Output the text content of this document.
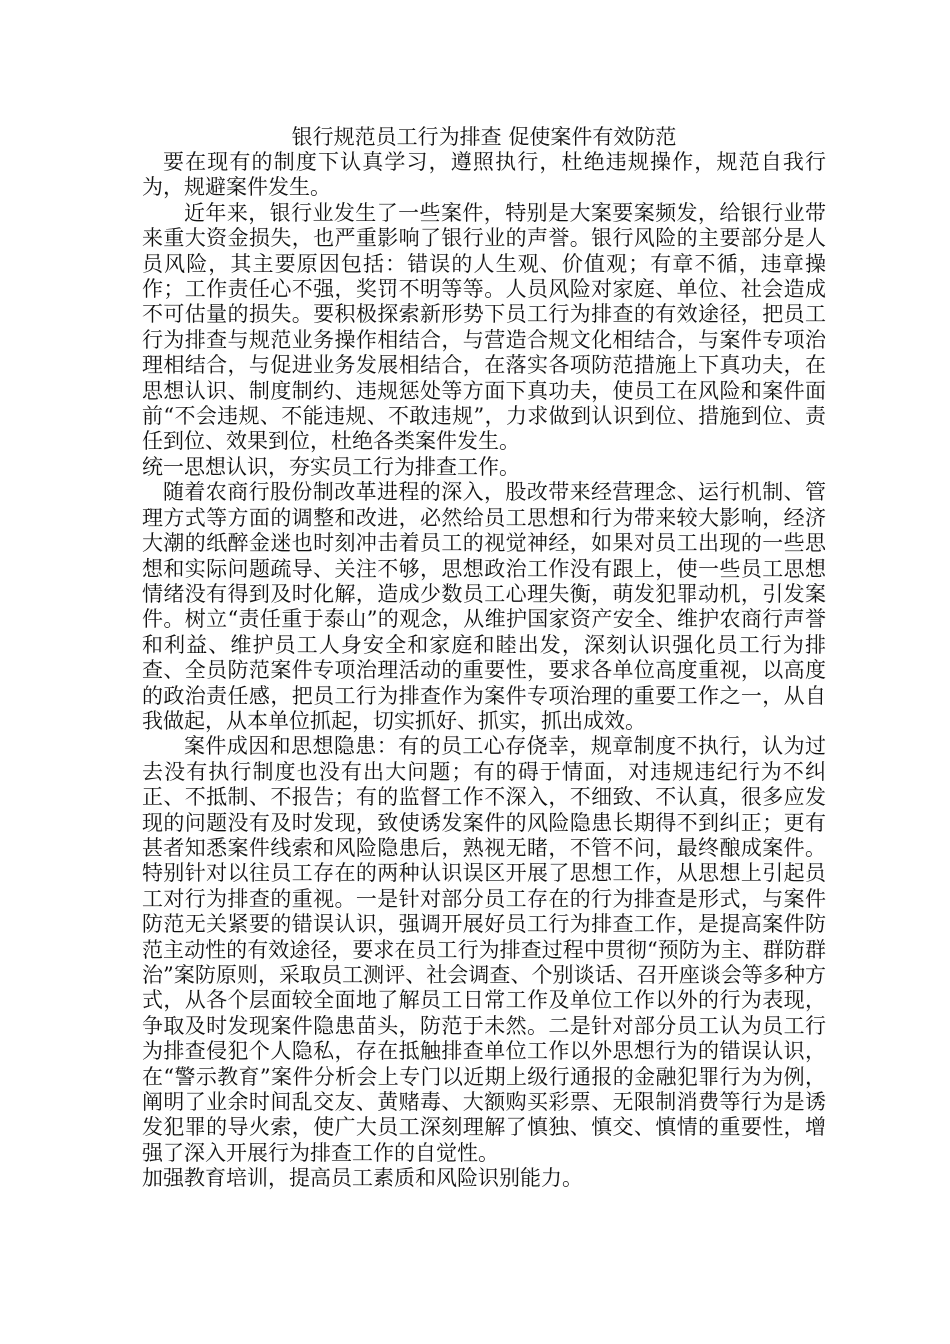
银行规范员工行为排查 促使案件有效防范

要在现有的制度下认真学习，遵照执行，杜绝违规操作，规范自我行为，规避案件发生。

近年来，银行业发生了一些案件，特别是大案要案频发，给银行业带来重大资金损失，也严重影响了银行业的声誉。银行风险的主要部分是人员风险，其主要原因包括：错误的人生观、价值观；有章不循，违章操作；工作责任心不强，奖罚不明等等。人员风险对家庭、单位、社会造成不可估量的损失。要积极探索新形势下员工行为排查的有效途径，把员工行为排查与规范业务操作相结合，与营造合规文化相结合，与案件专项治理相结合，与促进业务发展相结合，在落实各项防范措施上下真功夫，在思想认识、制度制约、违规惩处等方面下真功夫，使员工在风险和案件面前“不会违规、不能违规、不敢违规”，力求做到认识到位、措施到位、责任到位、效果到位，杜绝各类案件发生。

统一思想认识，夯实员工行为排查工作。

随着农商行股份制改革进程的深入，股改带来经营理念、运行机制、管理方式等方面的调整和改进，必然给员工思想和行为带来较大影响，经济大潮的纸醉金迷也时刻冲击着员工的视觉神经，如果对员工出现的一些思想和实际问题疏导、关注不够，思想政治工作没有跟上，使一些员工思想情绪没有得到及时化解，造成少数员工心理失衡，萌发犯罪动机，引发案件。树立“责任重于泰山”的观念，从维护国家资产安全、维护农商行声誉和利益、维护员工人身安全和家庭和睦出发，深刻认识强化员工行为排查、全员防范案件专项治理活动的重要性，要求各单位高度重视，以高度的政治责任感，把员工行为排查作为案件专项治理的重要工作之一，从自我做起，从本单位抓起，切实抓好、抓实，抓出成效。

案件成因和思想隐患：有的员工心存侥幸，规章制度不执行，认为过去没有执行制度也没有出大问题；有的碍于情面，对违规违纪行为不纠正、不抵制、不报告；有的监督工作不深入，不细致、不认真，很多应发现的问题没有及时发现，致使诱发案件的风险隐患长期得不到纠正；更有甚者知悉案件线索和风险隐患后，熟视无睹，不管不问，最终酿成案件。特别针对以往员工存在的两种认识误区开展了思想工作，从思想上引起员工对行为排查的重视。一是针对部分员工存在的行为排查是形式，与案件防范无关紧要的错误认识，强调开展好员工行为排查工作，是提高案件防范主动性的有效途径，要求在员工行为排查过程中贯彻“预防为主、群防群治”案防原则，采取员工测评、社会调查、个别谈话、召开座谈会等多种方式，从各个层面较全面地了解员工日常工作及单位工作以外的行为表现，争取及时发现案件隐患苗头，防范于未然。二是针对部分员工认为员工行为排查侵犯个人隐私，存在抵触排查单位工作以外思想行为的错误认识，在“警示教育”案件分析会上专门以近期上级行通报的金融犯罪行为为例，阐明了业余时间乱交友、黄赌毒、大额购买彩票、无限制消费等行为是诱发犯罪的导火索，使广大员工深刻理解了慎独、慎交、慎情的重要性，增强了深入开展行为排查工作的自觉性。

加强教育培训，提高员工素质和风险识别能力。
